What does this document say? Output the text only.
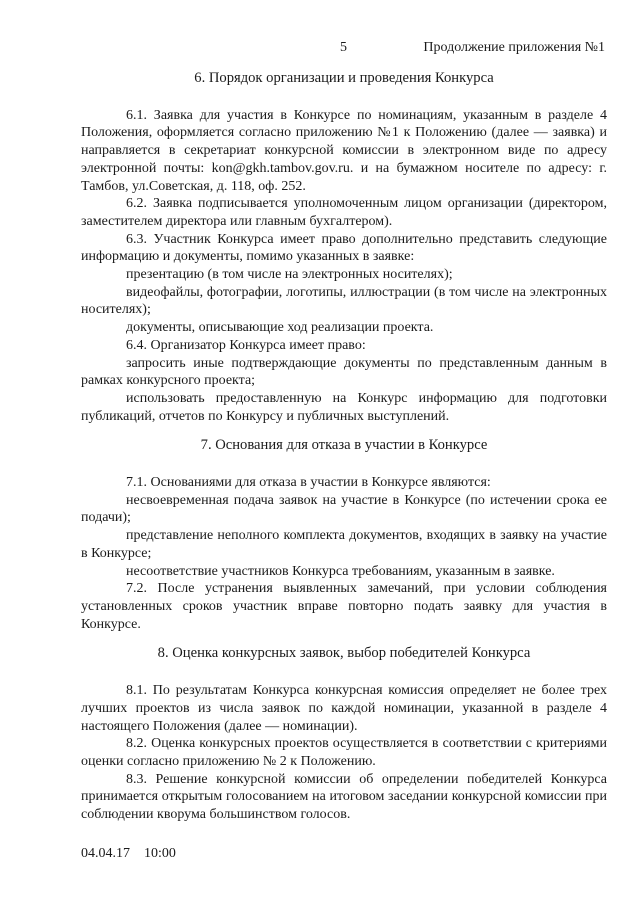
5	Продолжение приложения №1

6. Порядок организации и проведения Конкурса

6.1. Заявка для участия в Конкурсе по номинациям, указанным в разделе 4 Положения, оформляется согласно приложению №1 к Положению (далее — заявка) и направляется в секретариат конкурсной комиссии в электронном виде по адресу электронной почты: kon@gkh.tambov.gov.ru. и на бумажном носителе по адресу: г. Тамбов, ул.Советская, д. 118, оф. 252.

6.2. Заявка подписывается уполномоченным лицом организации (директором, заместителем директора или главным бухгалтером).

6.3. Участник Конкурса имеет право дополнительно представить следующие информацию и документы, помимо указанных в заявке:

презентацию (в том числе на электронных носителях);

видеофайлы, фотографии, логотипы, иллюстрации (в том числе на электронных носителях);

документы, описывающие ход реализации проекта.

6.4. Организатор Конкурса имеет право:

запросить иные подтверждающие документы по представленным данным в рамках конкурсного проекта;

использовать предоставленную на Конкурс информацию для подготовки публикаций, отчетов по Конкурсу и публичных выступлений.

7. Основания для отказа в участии в Конкурсе

7.1. Основаниями для отказа в участии в Конкурсе являются:

несвоевременная подача заявок на участие в Конкурсе (по истечении срока ее подачи);

представление неполного комплекта документов, входящих в заявку на участие в Конкурсе;

несоответствие участников Конкурса требованиям, указанным в заявке.

7.2. После устранения выявленных замечаний, при условии соблюдения установленных сроков участник вправе повторно подать заявку для участия в Конкурсе.

8. Оценка конкурсных заявок, выбор победителей Конкурса

8.1. По результатам Конкурса конкурсная комиссия определяет не более трех лучших проектов из числа заявок по каждой номинации, указанной в разделе 4 настоящего Положения (далее — номинации).

8.2. Оценка конкурсных проектов осуществляется в соответствии с критериями оценки согласно приложению № 2 к Положению.

8.3. Решение конкурсной комиссии об определении победителей Конкурса принимается открытым голосованием на итоговом заседании конкурсной комиссии при соблюдении кворума большинством голосов.

04.04.17 10:00
